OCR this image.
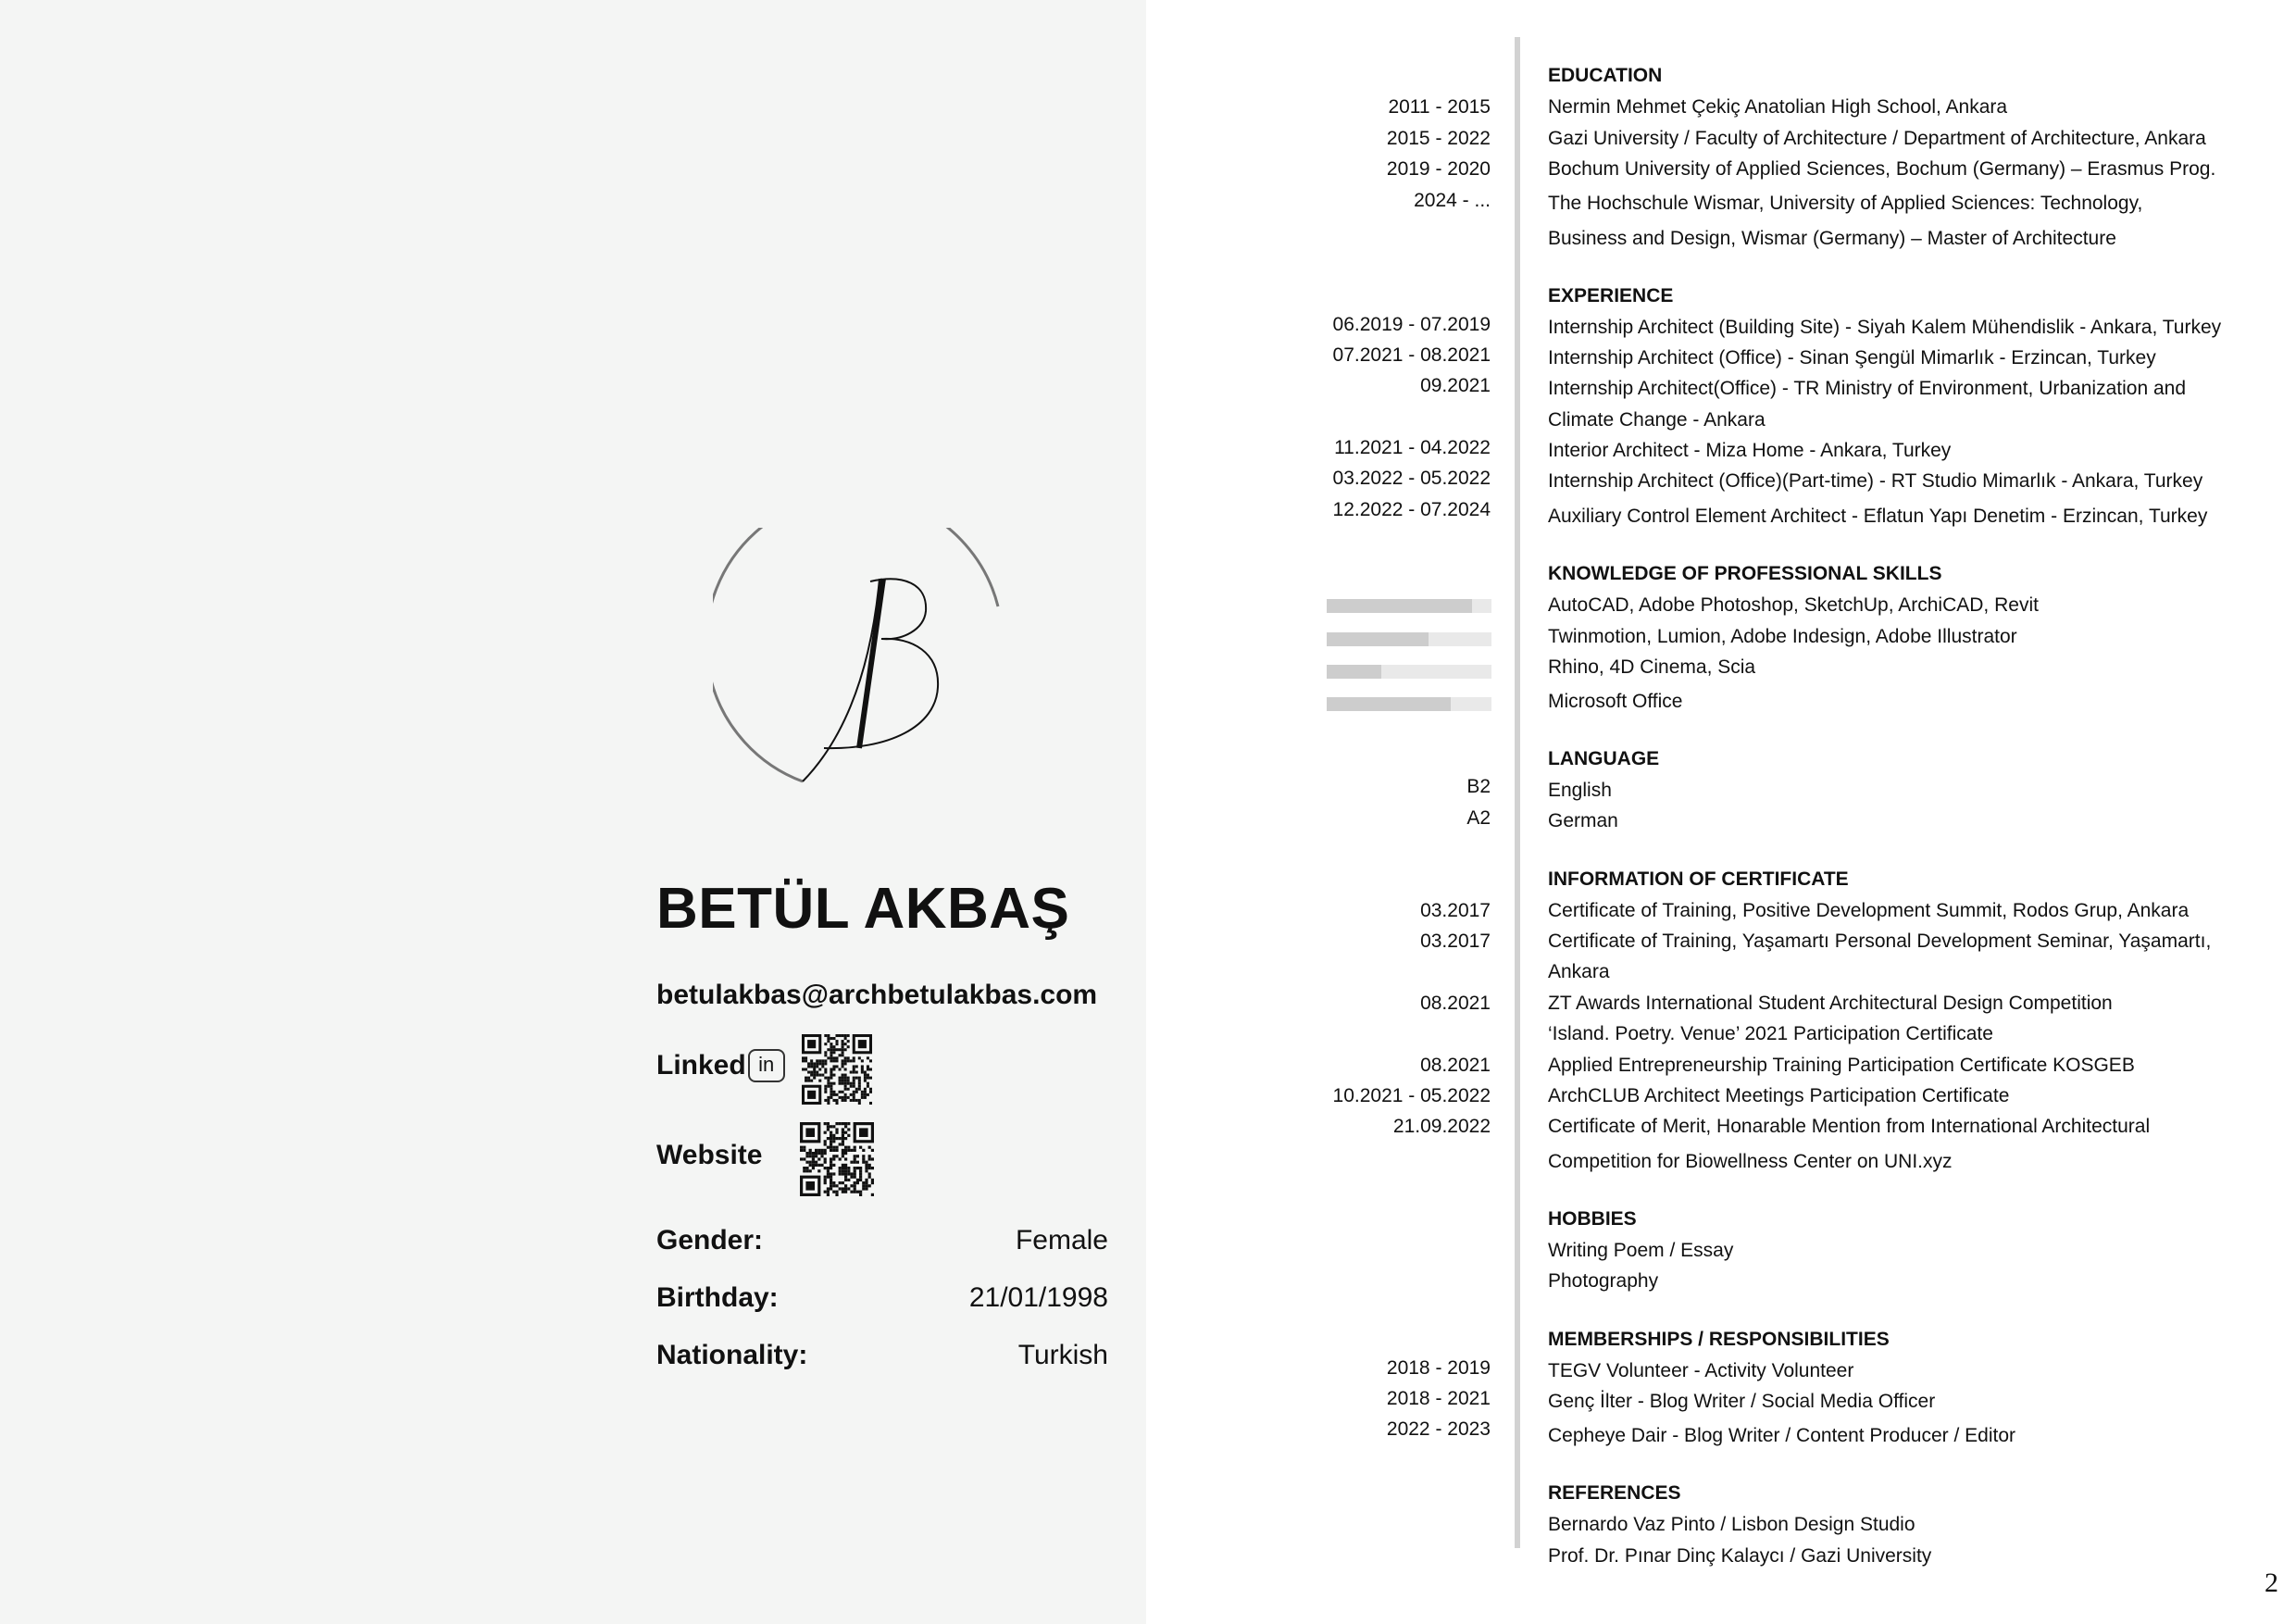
BETÜL AKBAŞ
betulakbas@archbetulakbas.com
Linked in
Website
Gender:	Female
Birthday:	21/01/1998
Nationality:	Turkish
EDUCATION
2011 - 2015	Nermin Mehmet Çekiç Anatolian High School, Ankara
2015 - 2022	Gazi University / Faculty of Architecture / Department of Architecture, Ankara
2019 - 2020	Bochum University of Applied Sciences, Bochum (Germany) – Erasmus Prog.
2024 - ...	The Hochschule Wismar, University of Applied Sciences: Technology,
Business and Design, Wismar (Germany) – Master of Architecture
EXPERIENCE
06.2019 - 07.2019	Internship Architect (Building Site) - Siyah Kalem Mühendislik - Ankara, Turkey
07.2021 - 08.2021	Internship Architect (Office) - Sinan Şengül Mimarlık - Erzincan, Turkey
09.2021	Internship Architect(Office) - TR Ministry of Environment, Urbanization and
Climate Change - Ankara
11.2021 - 04.2022	Interior Architect - Miza Home - Ankara, Turkey
03.2022 - 05.2022	Internship Architect (Office)(Part-time) - RT Studio Mimarlık - Ankara, Turkey
12.2022 - 07.2024	Auxiliary Control Element Architect - Eflatun Yapı Denetim - Erzincan, Turkey
KNOWLEDGE OF PROFESSIONAL SKILLS
AutoCAD, Adobe Photoshop, SketchUp, ArchiCAD, Revit
Twinmotion, Lumion, Adobe Indesign, Adobe Illustrator
Rhino, 4D Cinema, Scia
Microsoft Office
LANGUAGE
B2	English
A2	German
INFORMATION OF CERTIFICATE
03.2017	Certificate of Training, Positive Development Summit, Rodos Grup, Ankara
03.2017	Certificate of Training, Yaşamartı Personal Development Seminar, Yaşamartı,
Ankara
08.2021	ZT Awards International Student Architectural Design Competition
‘Island. Poetry. Venue’ 2021 Participation Certificate
08.2021	Applied Entrepreneurship Training Participation Certificate KOSGEB
10.2021 - 05.2022	ArchCLUB Architect Meetings Participation Certificate
21.09.2022	Certificate of Merit, Honarable Mention from International Architectural
Competition for Biowellness Center on UNI.xyz
HOBBIES
Writing Poem / Essay
Photography
MEMBERSHIPS / RESPONSIBILITIES
2018 - 2019	TEGV Volunteer - Activity Volunteer
2018 - 2021	Genç İlter - Blog Writer / Social Media Officer
2022 - 2023	Cepheye Dair - Blog Writer / Content Producer / Editor
REFERENCES
Bernardo Vaz Pinto / Lisbon Design Studio
Prof. Dr. Pınar Dinç Kalaycı / Gazi University
2
